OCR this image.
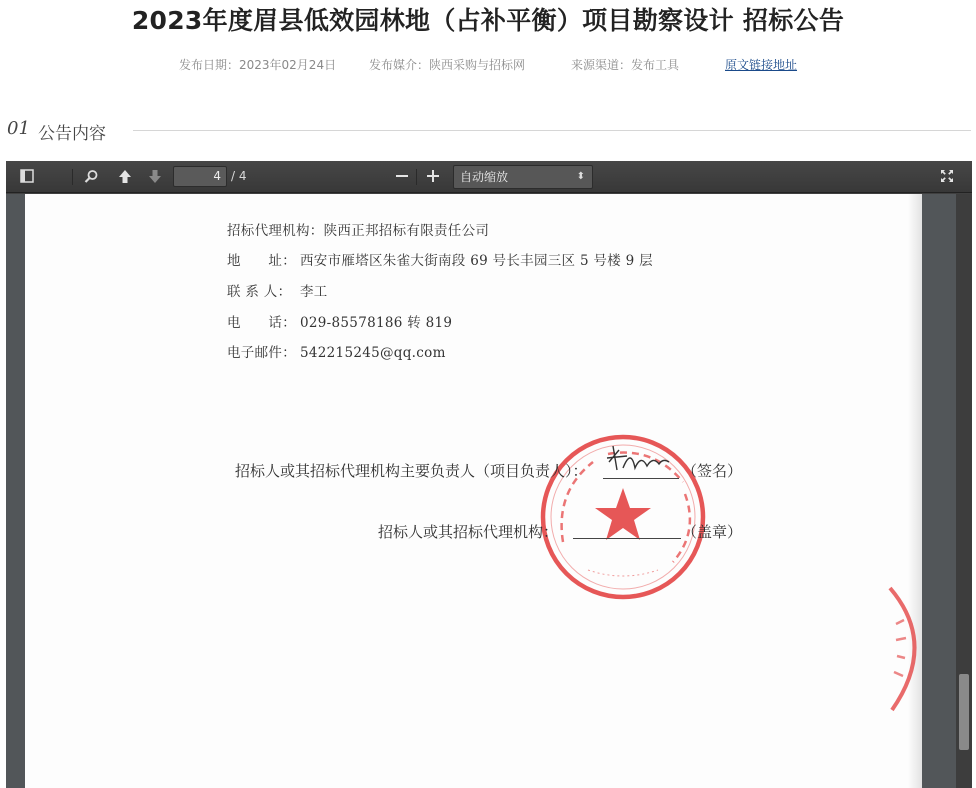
2023年度眉县低效园林地（占补平衡）项目勘察设计 招标公告
发布日期：2023年02月24日	发布媒介：陕西采购与招标网	来源渠道：发布工具	原文链接地址
01 公告内容
4 / 4	自动缩放	⬍
招标代理机构：陕西正邦招标有限责任公司
地　　址： 西安市雁塔区朱雀大街南段 69 号长丰园三区 5 号楼 9 层
联 系 人： 李工
电　　话： 029-85578186 转 819
电子邮件： 542215245@qq.com
招标人或其招标代理机构主要负责人（项目负责人）：	（签名）
招标人或其招标代理机构：	（盖章）
